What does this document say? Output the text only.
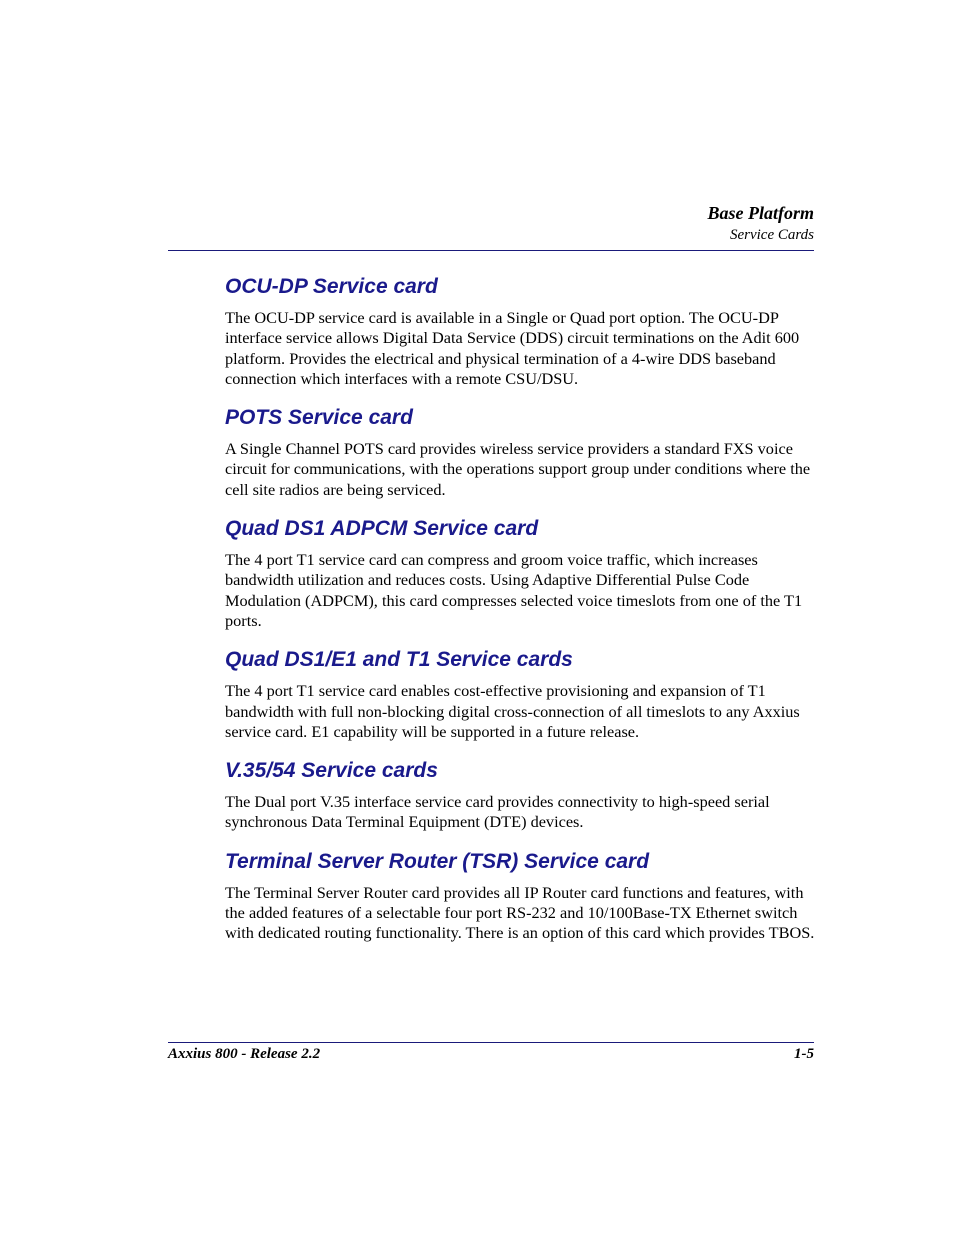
Base Platform
Service Cards
OCU-DP Service card

The OCU-DP service card is available in a Single or Quad port option. The OCU-DP interface service allows Digital Data Service (DDS) circuit terminations on the Adit 600 platform. Provides the electrical and physical termination of a 4-wire DDS baseband connection which interfaces with a remote CSU/DSU.

POTS Service card

A Single Channel POTS card provides wireless service providers a standard FXS voice circuit for communications, with the operations support group under conditions where the cell site radios are being serviced.

Quad DS1 ADPCM Service card

The 4 port T1 service card can compress and groom voice traffic, which increases bandwidth utilization and reduces costs. Using Adaptive Differential Pulse Code Modulation (ADPCM), this card compresses selected voice timeslots from one of the T1 ports.

Quad DS1/E1 and T1 Service cards

The 4 port T1 service card enables cost-effective provisioning and expansion of T1 bandwidth with full non-blocking digital cross-connection of all timeslots to any Axxius service card. E1 capability will be supported in a future release.

V.35/54 Service cards

The Dual port V.35 interface service card provides connectivity to high-speed serial synchronous Data Terminal Equipment (DTE) devices.

Terminal Server Router (TSR) Service card

The Terminal Server Router card provides all IP Router card functions and features, with the added features of a selectable four port RS-232 and 10/100Base-TX Ethernet switch with dedicated routing functionality. There is an option of this card which provides TBOS.

Axxius 800 - Release 2.2	1-5
